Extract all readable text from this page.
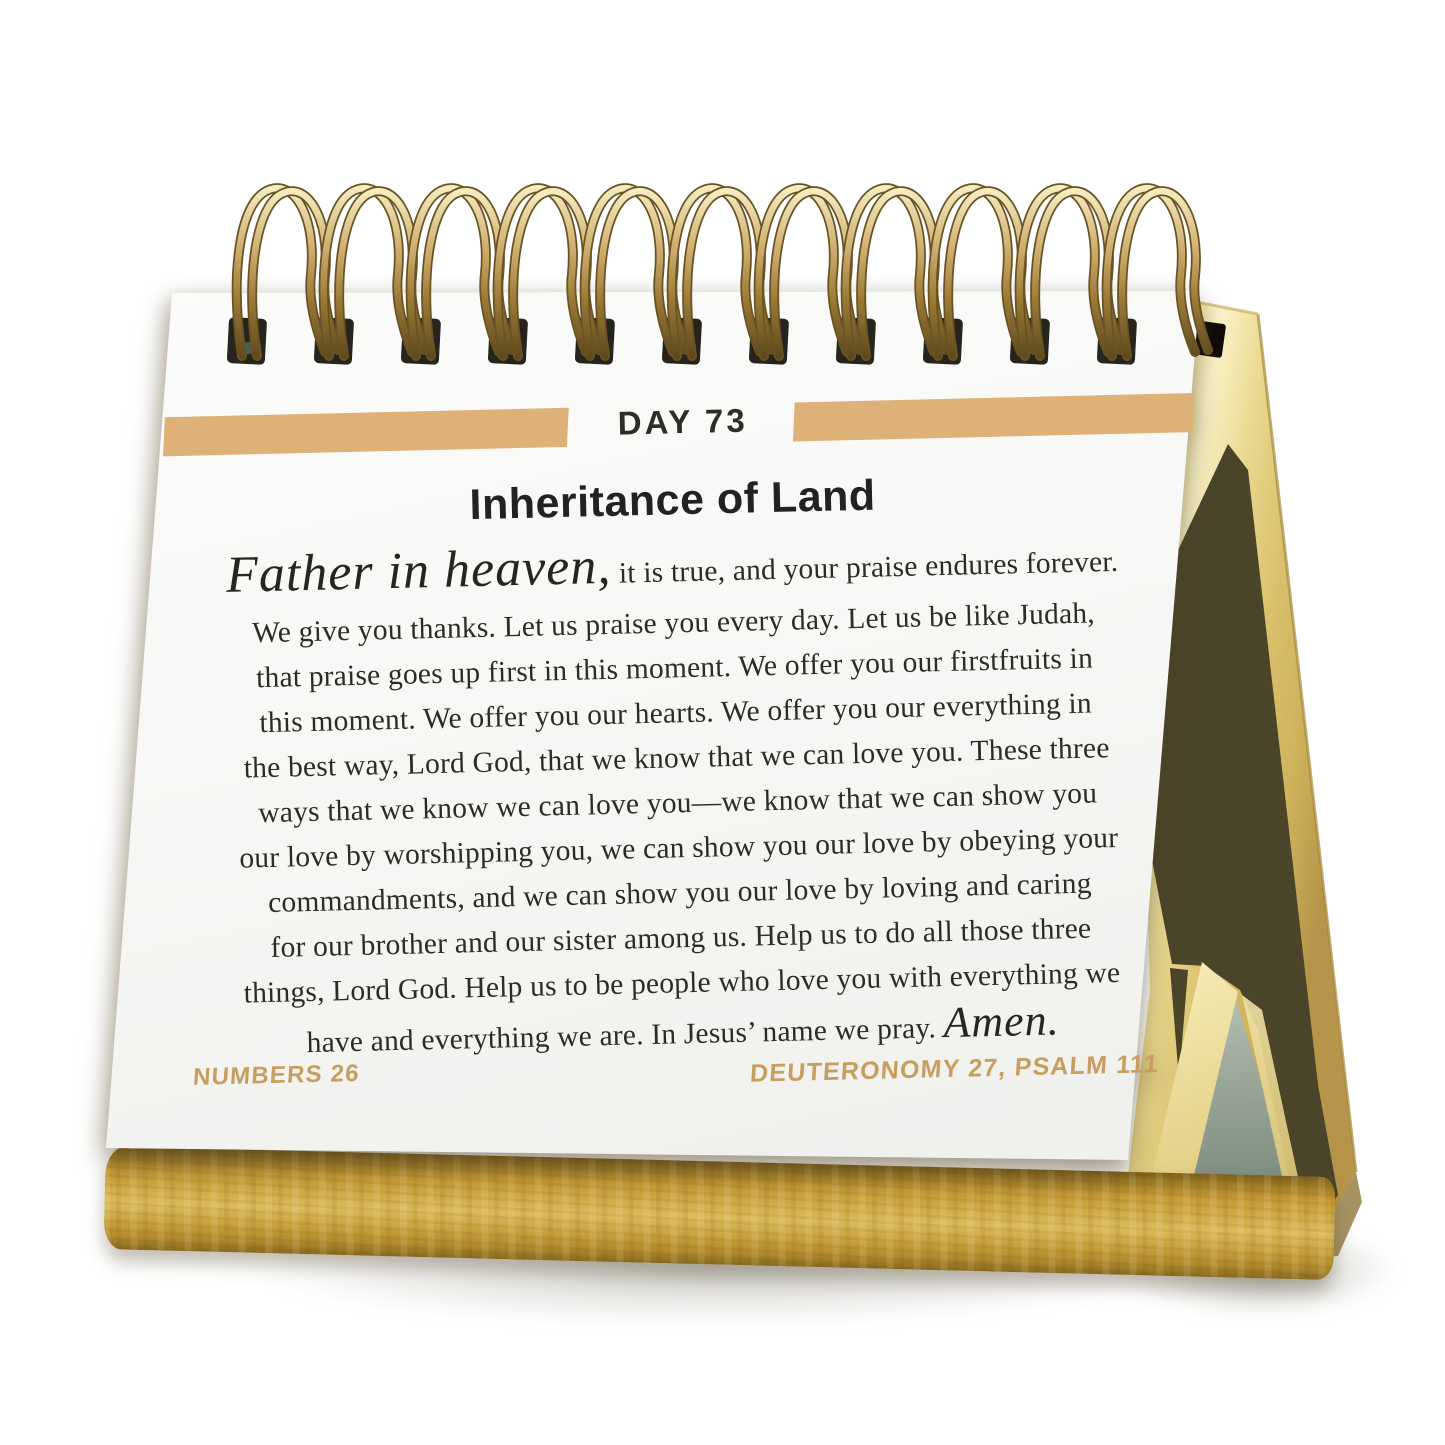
DAY 73
Inheritance of Land
Father in heaven, it is true, and your praise endures forever.
We give you thanks. Let us praise you every day. Let us be like Judah,
that praise goes up first in this moment. We offer you our firstfruits in
this moment. We offer you our hearts. We offer you our everything in
the best way, Lord God, that we know that we can love you. These three
ways that we know we can love you—we know that we can show you
our love by worshipping you, we can show you our love by obeying your
commandments, and we can show you our love by loving and caring
for our brother and our sister among us. Help us to do all those three
things, Lord God. Help us to be people who love you with everything we
have and everything we are. In Jesus’ name we pray. Amen.
NUMBERS 26	DEUTERONOMY 27, PSALM 111
